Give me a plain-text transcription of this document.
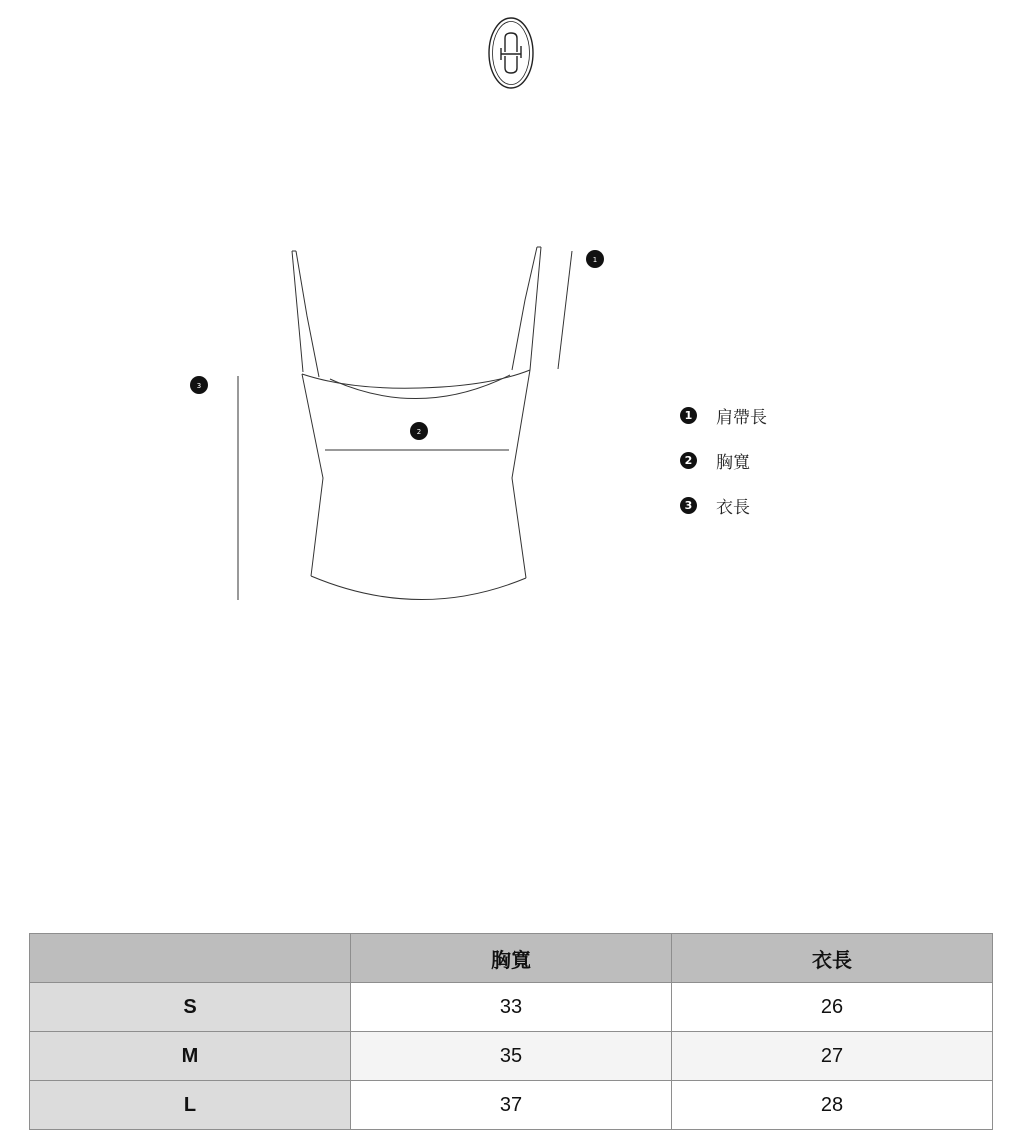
1
2
3
1 肩帶長
2 胸寬
3 衣長
	胸寬	衣長
S	33	26
M	35	27
L	37	28
